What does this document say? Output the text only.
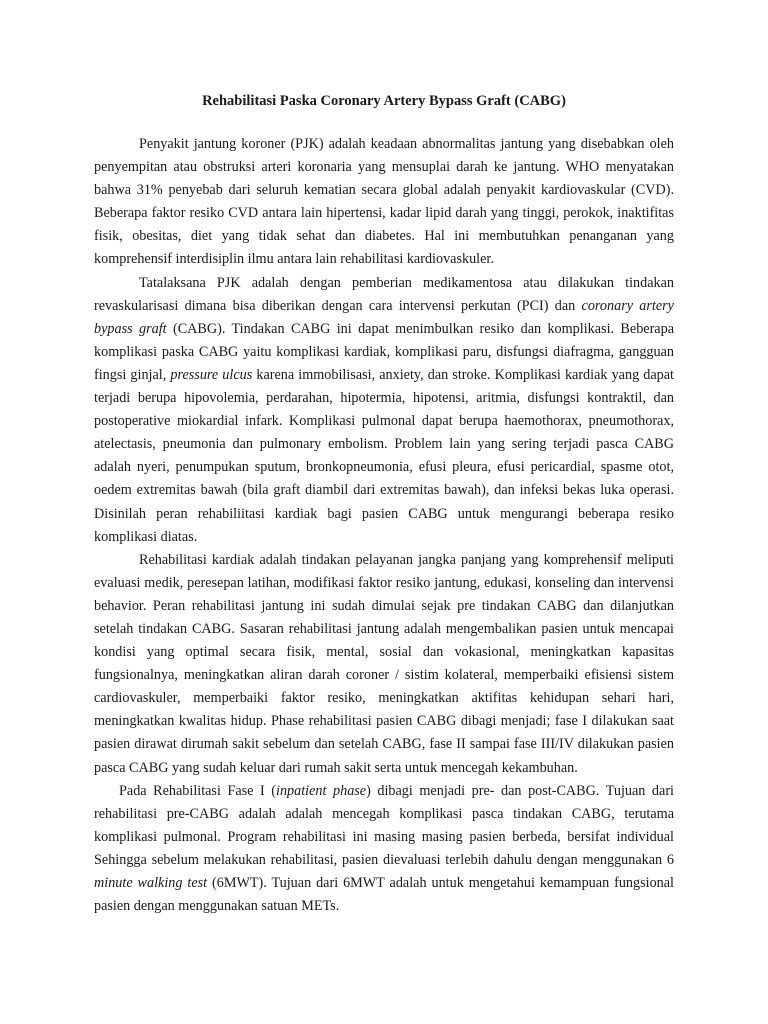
Rehabilitasi Paska Coronary Artery Bypass Graft (CABG)

Penyakit jantung koroner (PJK) adalah keadaan abnormalitas jantung yang disebabkan oleh penyempitan atau obstruksi arteri koronaria yang mensuplai darah ke jantung. WHO menyatakan bahwa 31% penyebab dari seluruh kematian secara global adalah penyakit kardiovaskular (CVD). Beberapa faktor resiko CVD antara lain hipertensi, kadar lipid darah yang tinggi, perokok, inaktifitas fisik, obesitas, diet yang tidak sehat dan diabetes. Hal ini membutuhkan penanganan yang komprehensif interdisiplin ilmu antara lain rehabilitasi kardiovaskuler.

Tatalaksana PJK adalah dengan pemberian medikamentosa atau dilakukan tindakan revaskularisasi dimana bisa diberikan dengan cara intervensi perkutan (PCI) dan coronary artery bypass graft (CABG). Tindakan CABG ini dapat menimbulkan resiko dan komplikasi. Beberapa komplikasi paska CABG yaitu komplikasi kardiak, komplikasi paru, disfungsi diafragma, gangguan fingsi ginjal, pressure ulcus karena immobilisasi, anxiety, dan stroke. Komplikasi kardiak yang dapat terjadi berupa hipovolemia, perdarahan, hipotermia, hipotensi, aritmia, disfungsi kontraktil, dan postoperative miokardial infark. Komplikasi pulmonal dapat berupa haemothorax, pneumothorax, atelectasis, pneumonia dan pulmonary embolism. Problem lain yang sering terjadi pasca CABG adalah nyeri, penumpukan sputum, bronkopneumonia, efusi pleura, efusi pericardial, spasme otot, oedem extremitas bawah (bila graft diambil dari extremitas bawah), dan infeksi bekas luka operasi. Disinilah peran rehabiliitasi kardiak bagi pasien CABG untuk mengurangi beberapa resiko komplikasi diatas.

Rehabilitasi kardiak adalah tindakan pelayanan jangka panjang yang komprehensif meliputi evaluasi medik, peresepan latihan, modifikasi faktor resiko jantung, edukasi, konseling dan intervensi behavior. Peran rehabilitasi jantung ini sudah dimulai sejak pre tindakan CABG dan dilanjutkan setelah tindakan CABG. Sasaran rehabilitasi jantung adalah mengembalikan pasien untuk mencapai kondisi yang optimal secara fisik, mental, sosial dan vokasional, meningkatkan kapasitas fungsionalnya, meningkatkan aliran darah coroner / sistim kolateral, memperbaiki efisiensi sistem cardiovaskuler, memperbaiki faktor resiko, meningkatkan aktifitas kehidupan sehari hari, meningkatkan kwalitas hidup. Phase rehabilitasi pasien CABG dibagi menjadi; fase I dilakukan saat pasien dirawat dirumah sakit sebelum dan setelah CABG, fase II sampai fase III/IV dilakukan pasien pasca CABG yang sudah keluar dari rumah sakit serta untuk mencegah kekambuhan.

Pada Rehabilitasi Fase I (inpatient phase) dibagi menjadi pre- dan post-CABG. Tujuan dari rehabilitasi pre-CABG adalah adalah mencegah komplikasi pasca tindakan CABG, terutama komplikasi pulmonal. Program rehabilitasi ini masing masing pasien berbeda, bersifat individual Sehingga sebelum melakukan rehabilitasi, pasien dievaluasi terlebih dahulu dengan menggunakan 6 minute walking test (6MWT). Tujuan dari 6MWT adalah untuk mengetahui kemampuan fungsional pasien dengan menggunakan satuan METs.
